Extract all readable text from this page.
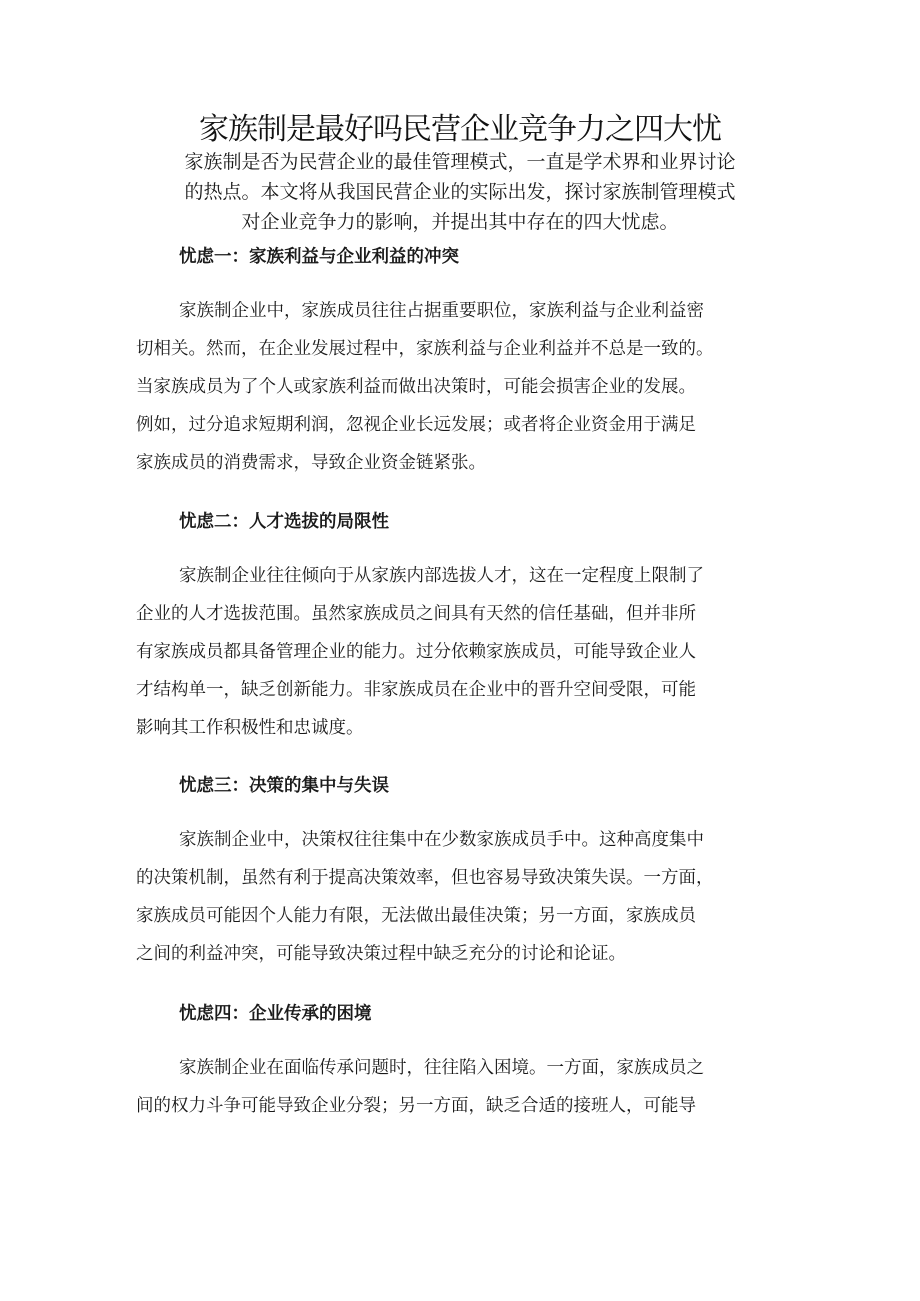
家族制是最好吗民营企业竞争力之四大忧

家族制是否为民营企业的最佳管理模式，一直是学术界和业界讨论
的热点。本文将从我国民营企业的实际出发，探讨家族制管理模式
对企业竞争力的影响，并提出其中存在的四大忧虑。

忧虑一：家族利益与企业利益的冲突

家族制企业中，家族成员往往占据重要职位，家族利益与企业利益密
切相关。然而，在企业发展过程中，家族利益与企业利益并不总是一致的。
当家族成员为了个人或家族利益而做出决策时，可能会损害企业的发展。
例如，过分追求短期利润，忽视企业长远发展；或者将企业资金用于满足
家族成员的消费需求，导致企业资金链紧张。

忧虑二：人才选拔的局限性

家族制企业往往倾向于从家族内部选拔人才，这在一定程度上限制了
企业的人才选拔范围。虽然家族成员之间具有天然的信任基础，但并非所
有家族成员都具备管理企业的能力。过分依赖家族成员，可能导致企业人
才结构单一，缺乏创新能力。非家族成员在企业中的晋升空间受限，可能
影响其工作积极性和忠诚度。

忧虑三：决策的集中与失误

家族制企业中，决策权往往集中在少数家族成员手中。这种高度集中
的决策机制，虽然有利于提高决策效率，但也容易导致决策失误。一方面，
家族成员可能因个人能力有限，无法做出最佳决策；另一方面，家族成员
之间的利益冲突，可能导致决策过程中缺乏充分的讨论和论证。

忧虑四：企业传承的困境

家族制企业在面临传承问题时，往往陷入困境。一方面，家族成员之
间的权力斗争可能导致企业分裂；另一方面，缺乏合适的接班人，可能导
